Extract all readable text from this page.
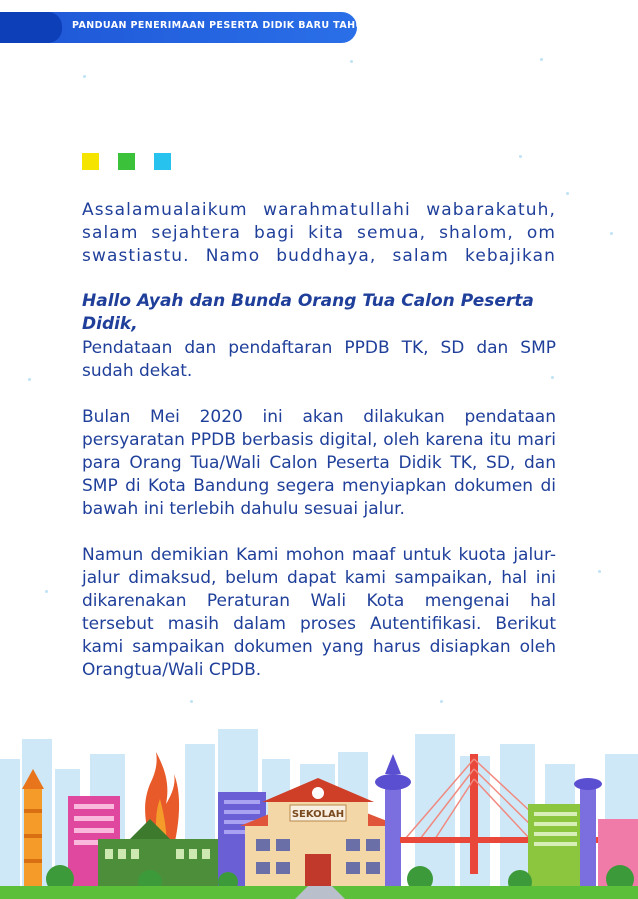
PANDUAN PENERIMAAN PESERTA DIDIK BARU TAHUN 2020
Assalamualaikum warahmatullahi wabarakatuh,
salam sejahtera bagi kita semua, shalom, om
swastiastu. Namo buddhaya, salam kebajikan
Hallo Ayah dan Bunda Orang Tua Calon Peserta Didik,
Pendataan dan pendaftaran PPDB TK, SD dan SMP sudah dekat.
Bulan Mei 2020 ini akan dilakukan pendataan persyaratan PPDB berbasis digital, oleh karena itu mari para Orang Tua/Wali Calon Peserta Didik TK, SD, dan SMP di Kota Bandung segera menyiapkan dokumen di bawah ini terlebih dahulu sesuai jalur.
Namun demikian Kami mohon maaf untuk kuota jalur-jalur dimaksud, belum dapat kami sampaikan, hal ini dikarenakan Peraturan Wali Kota mengenai hal tersebut masih dalam proses Autentifikasi. Berikut kami sampaikan dokumen yang harus disiapkan oleh Orangtua/Wali CPDB.
SEKOLAH
